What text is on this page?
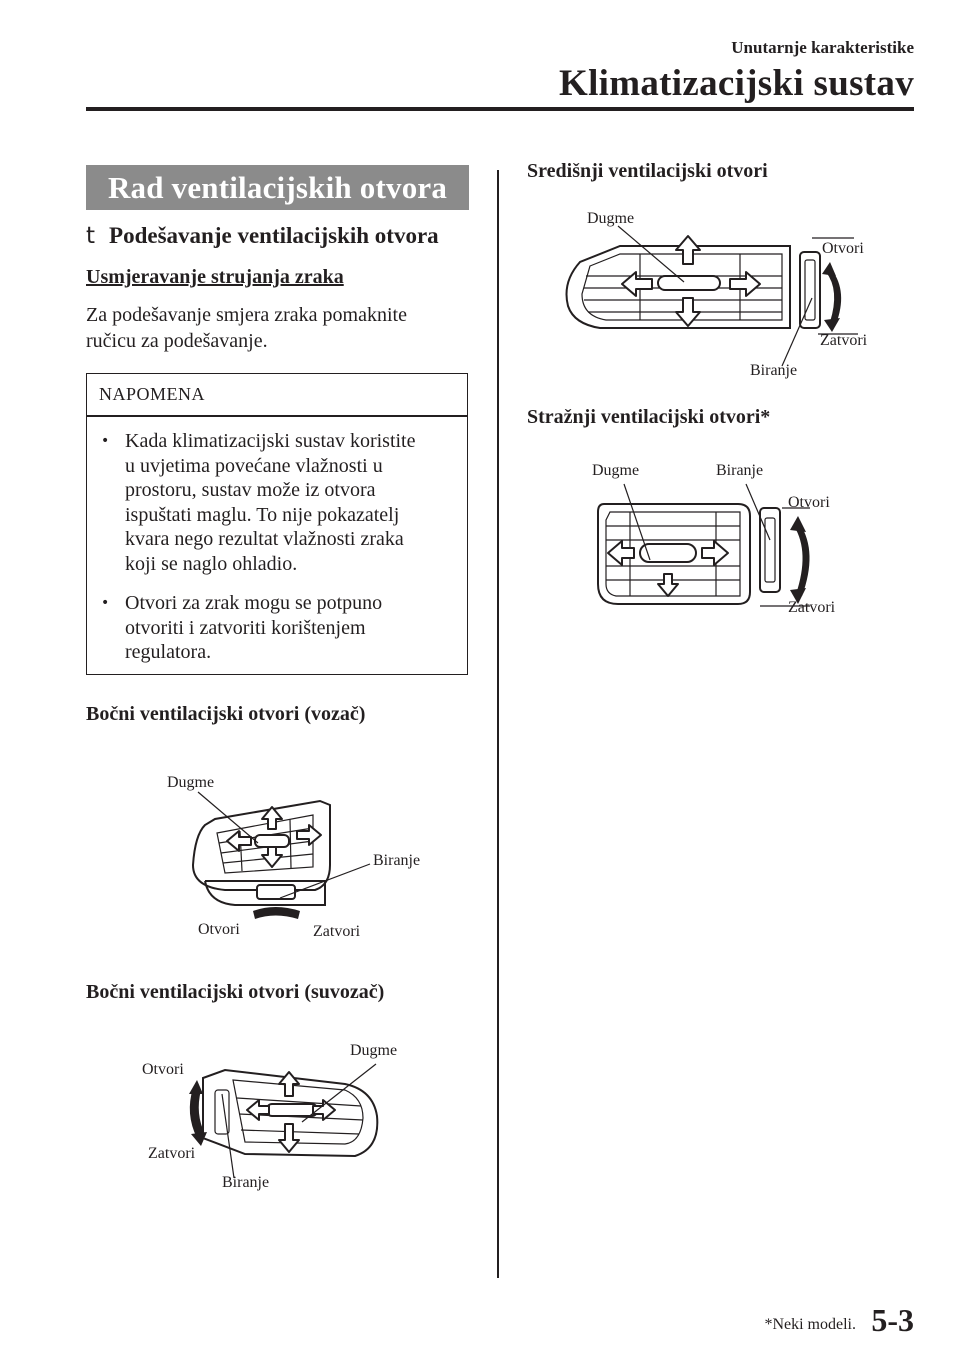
Unutarnje karakteristike
Klimatizacijski sustav
Rad ventilacijskih otvora
t Podešavanje ventilacijskih otvora
Usmjeravanje strujanja zraka
Za podešavanje smjera zraka pomaknite
ručicu za podešavanje.
NAPOMENA
• Kada klimatizacijski sustav koristite
u uvjetima povećane vlažnosti u
prostoru, sustav može iz otvora
ispuštati maglu. To nije pokazatelj
kvara nego rezultat vlažnosti zraka
koji se naglo ohladio.
• Otvori za zrak mogu se potpuno
otvoriti i zatvoriti korištenjem
regulatora.
Bočni ventilacijski otvori (vozač)
Dugme
Biranje
Otvori	Zatvori
Bočni ventilacijski otvori (suvozač)
Dugme
Otvori
Zatvori
Biranje
Središnji ventilacijski otvori
Dugme
Otvori
Zatvori
Biranje
Stražnji ventilacijski otvori*
Dugme	Biranje
Otvori
Zatvori
*Neki modeli. 5-3
